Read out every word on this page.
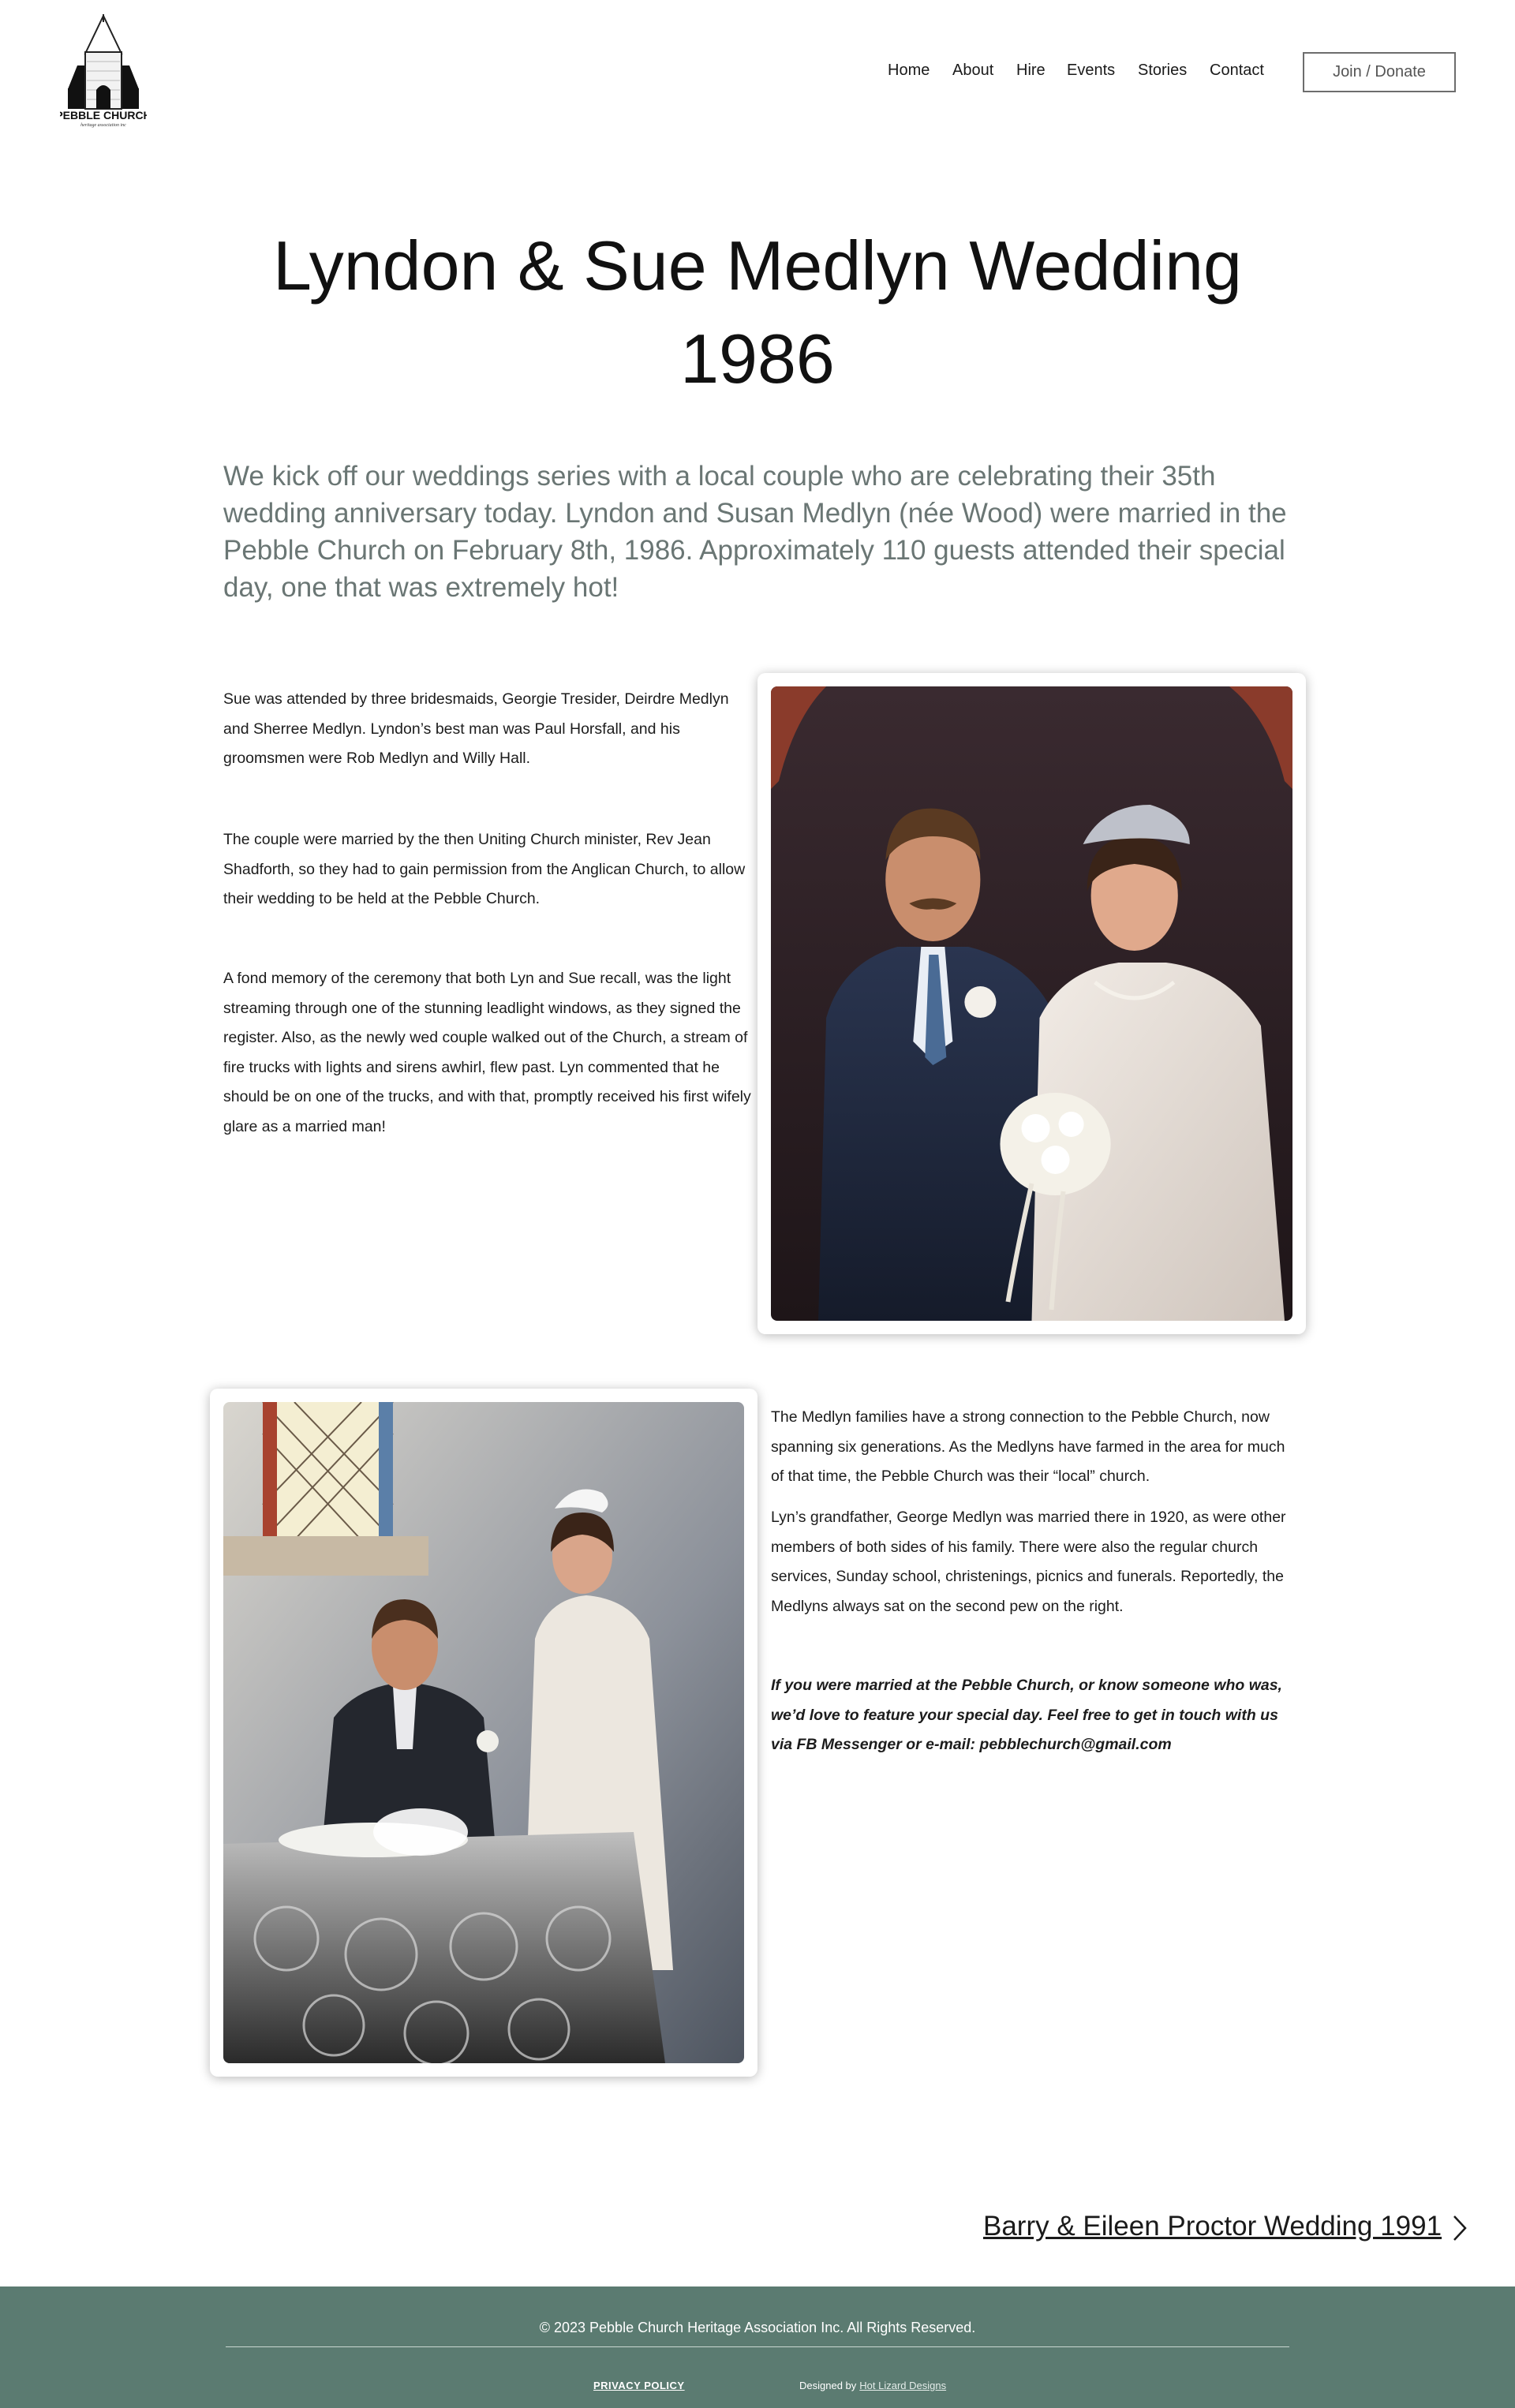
PEBBLE CHURCH
heritage association inc
Home About Hire Events Stories Contact	Join / Donate
Lyndon & Sue Medlyn Wedding
1986

We kick off our weddings series with a local couple who are celebrating their 35th wedding anniversary today. Lyndon and Susan Medlyn (née Wood) were married in the Pebble Church on February 8th, 1986. Approximately 110 guests attended their special day, one that was extremely hot!

Sue was attended by three bridesmaids, Georgie Tresider, Deirdre Medlyn and Sherree Medlyn. Lyndon’s best man was Paul Horsfall, and his groomsmen were Rob Medlyn and Willy Hall.

The couple were married by the then Uniting Church minister, Rev Jean Shadforth, so they had to gain permission from the Anglican Church, to allow their wedding to be held at the Pebble Church.

A fond memory of the ceremony that both Lyn and Sue recall, was the light streaming through one of the stunning leadlight windows, as they signed the register. Also, as the newly wed couple walked out of the Church, a stream of fire trucks with lights and sirens awhirl, flew past. Lyn commented that he should be on one of the trucks, and with that, promptly received his first wifely glare as a married man!

The Medlyn families have a strong connection to the Pebble Church, now spanning six generations. As the Medlyns have farmed in the area for much of that time, the Pebble Church was their “local” church.

Lyn’s grandfather, George Medlyn was married there in 1920, as were other members of both sides of his family. There were also the regular church services, Sunday school, christenings, picnics and funerals. Reportedly, the Medlyns always sat on the second pew on the right.

If you were married at the Pebble Church, or know someone who was, we’d love to feature your special day. Feel free to get in touch with us via FB Messenger or e-mail: pebblechurch@gmail.com

Barry & Eileen Proctor Wedding 1991
© 2023 Pebble Church Heritage Association Inc. All Rights Reserved.
PRIVACY POLICY	Designed by Hot Lizard Designs
